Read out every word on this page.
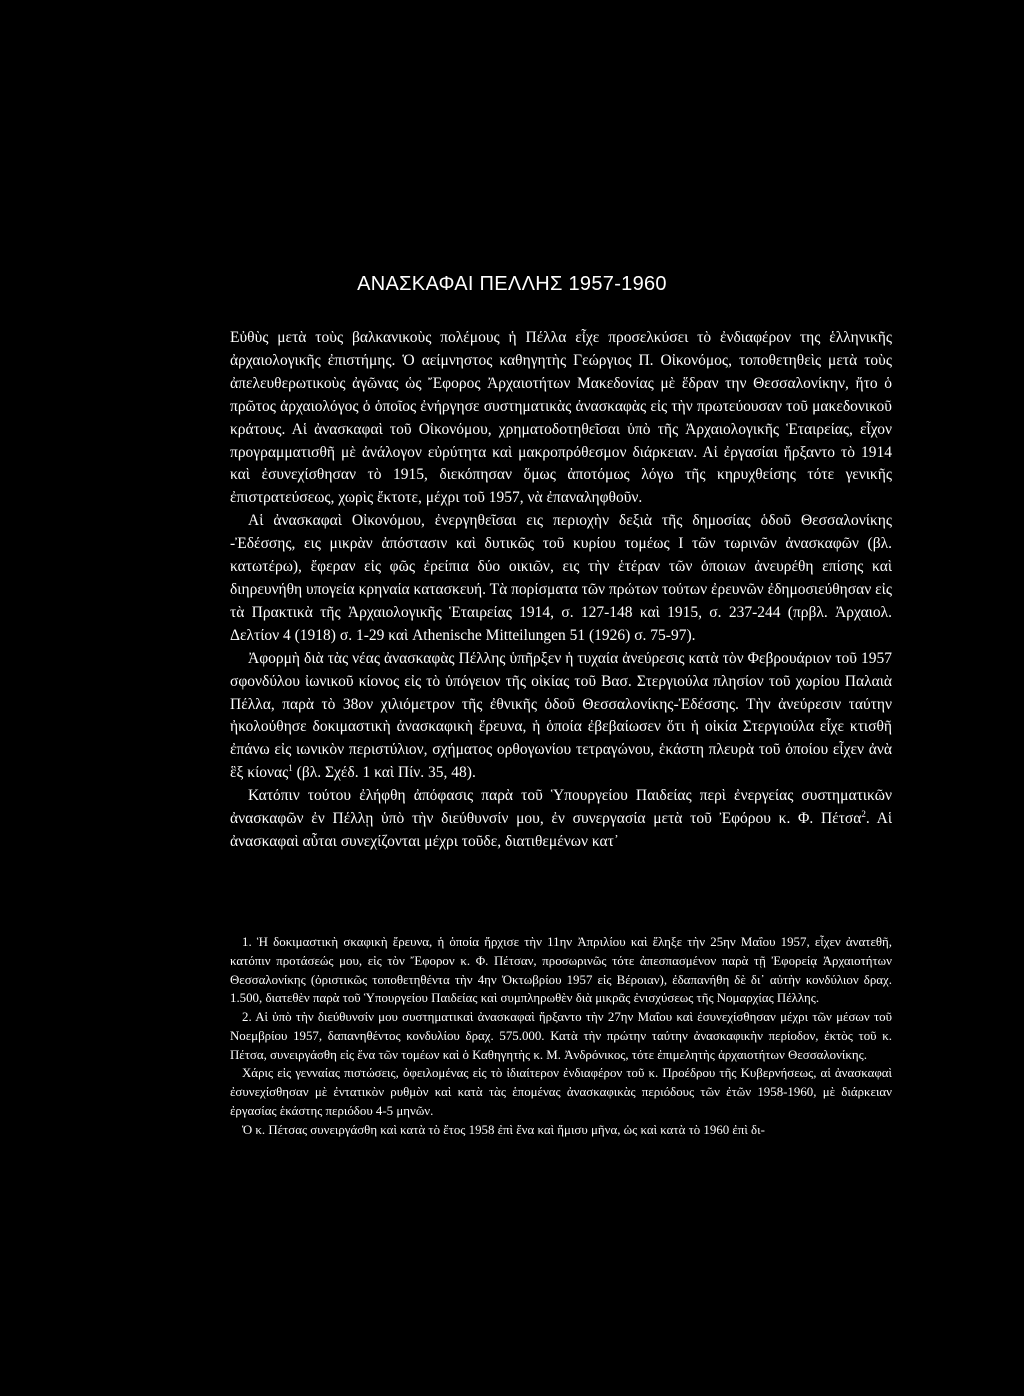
ΑΝΑΣΚΑΦΑΙ ΠΕΛΛΗΣ 1957-1960

Εὐθὺς μετὰ τοὺς βαλκανικοὺς πολέμους ἡ Πέλλα εἶχε προσελκύσει τὸ ἐνδιαφέρον της ἑλληνικῆς ἀρχαιολογικῆς ἐπιστήμης. Ὁ αείμνηστος καθηγητὴς Γεώργιος Π. Οἰκονόμος, τοποθετηθεὶς μετὰ τοὺς ἀπελευθερωτικοὺς ἀγῶνας ὡς Ἔφορος Ἀρχαιοτήτων Μακεδονίας μὲ ἕδραν την Θεσσαλονίκην, ἤτο ὁ πρῶτος ἀρχαιολόγος ὁ ὁποῖος ἐνήργησε συστηματικὰς ἀνασκαφὰς εἰς τὴν πρωτεύουσαν τοῦ μακεδονικοῦ κράτους. Αἱ ἀνασκαφαὶ τοῦ Οἰκονόμου, χρηματοδοτηθεῖσαι ὑπὸ τῆς Ἀρχαιολογικῆς Ἑταιρείας, εἶχον προγραμματισθῆ μὲ ἀνάλογον εὐρύτητα καὶ μακροπρόθεσμον διάρκειαν. Αἱ ἐργασίαι ἤρξαντο τὸ 1914 καὶ ἐσυνεχίσθησαν τὸ 1915, διεκόπησαν ὅμως ἀποτόμως λόγω τῆς κηρυχθείσης τότε γενικῆς ἐπιστρατεύσεως, χωρὶς ἔκτοτε, μέχρι τοῦ 1957, νὰ ἐπαναληφθοῦν.

Αἱ ἀνασκαφαὶ Οἰκονόμου, ἐνεργηθεῖσαι εις περιοχὴν δεξιὰ τῆς δημοσίας ὁδοῦ Θεσσαλονίκης -Ἐδέσσης, εις μικρὰν ἀπόστασιν καὶ δυτικῶς τοῦ κυρίου τομέως Ι τῶν τωρινῶν ἀνασκαφῶν (βλ. κατωτέρω), ἔφεραν εἰς φῶς ἐρείπια δύο οικιῶν, εις τὴν ἑτέραν τῶν ὁποιων ἀνευρέθη επίσης καὶ διηρευνήθη υπογεία κρηναία κατασκευή. Τὰ πορίσματα τῶν πρώτων τούτων ἐρευνῶν ἐδημοσιεύθησαν εἰς τὰ Πρακτικὰ τῆς Ἀρχαιολογικῆς Ἑταιρείας 1914, σ. 127-148 καὶ 1915, σ. 237-244 (πρβλ. Ἀρχαιολ. Δελτίον 4 (1918) σ. 1-29 καὶ Athenische Mitteilungen 51 (1926) σ. 75-97).

Ἀφορμὴ διὰ τὰς νέας ἀνασκαφὰς Πέλλης ὑπῆρξεν ἡ τυχαία ἀνεύρεσις κατὰ τὸν Φεβρουάριον τοῦ 1957 σφονδύλου ἰωνικοῦ κίονος εἰς τὸ ὑπόγειον τῆς οἰκίας τοῦ Βασ. Στεργιούλα πλησίον τοῦ χωρίου Παλαιὰ Πέλλα, παρὰ τὸ 38ον χιλιόμετρον τῆς ἐθνικῆς ὁδοῦ Θεσσαλονίκης-Ἐδέσσης. Τὴν ἀνεύρεσιν ταύτην ἠκολούθησε δοκιμαστικὴ ἀνασκαφικὴ ἔρευνα, ἡ ὁποία ἐβεβαίωσεν ὅτι ἡ οἰκία Στεργιούλα εἶχε κτισθῆ ἐπάνω εἰς ιωνικὸν περιστύλιον, σχήματος ορθογωνίου τετραγώνου, ἑκάστη πλευρὰ τοῦ ὁποίου εἶχεν ἀνὰ ἓξ κίονας$^1$ (βλ. Σχέδ. 1 καὶ Πίν. 35, 48).

Κατόπιν τούτου ἐλήφθη ἀπόφασις παρὰ τοῦ Ὑπουργείου Παιδείας περὶ ἐνεργείας συστηματικῶν ἀνασκαφῶν ἐν Πέλλῃ ὑπὸ τὴν διεύθυνσίν μου, ἐν συνεργασία μετὰ τοῦ Ἐφόρου κ. Φ. Πέτσα$^2$. Αἱ ἀνασκαφαὶ αὗται συνεχίζονται μέχρι τοῦδε, διατιθεμένων κατ᾽

1. Ἡ δοκιμαστικὴ σκαφικὴ ἔρευνα, ἡ ὁποία ἤρχισε τὴν 11ην Ἀπριλίου καὶ ἔληξε τὴν 25ην Μαΐου 1957, εἶχεν ἀνατεθῆ, κατόπιν προτάσεώς μου, εἰς τὸν Ἔφορον κ. Φ. Πέτσαν, προσωρινῶς τότε ἀπεσπασμένον παρὰ τῇ Ἐφορείᾳ Ἀρχαιοτήτων Θεσσαλονίκης (ὀριστικῶς τοποθετηθέντα τὴν 4ην Ὀκτωβρίου 1957 εἰς Βέροιαν), ἐδαπανήθη δὲ δι᾽ αὐτὴν κονδύλιον δραχ. 1.500, διατεθὲν παρὰ τοῦ Ὑπουργείου Παιδείας καὶ συμπληρωθὲν διὰ μικρᾶς ἐνισχύσεως τῆς Νομαρχίας Πέλλης.

2. Αἱ ὑπὸ τὴν διεύθυνσίν μου συστηματικαὶ ἀνασκαφαὶ ἤρξαντο τὴν 27ην Μαΐου καὶ ἐσυνεχίσθησαν μέχρι τῶν μέσων τοῦ Νοεμβρίου 1957, δαπανηθέντος κονδυλίου δραχ. 575.000. Κατὰ τὴν πρώτην ταύτην ἀνασκαφικὴν περίοδον, ἐκτὸς τοῦ κ. Πέτσα, συνειργάσθη εἰς ἕνα τῶν τομέων καὶ ὁ Καθηγητὴς κ. Μ. Ἀνδρόνικος, τότε ἐπιμελητὴς ἀρχαιοτήτων Θεσσαλονίκης.

Χάρις εἰς γενναίας πιστώσεις, ὀφειλομένας εἰς τὸ ἰδιαίτερον ἐνδιαφέρον τοῦ κ. Προέδρου τῆς Κυβερνήσεως, αἱ ἀνασκαφαὶ ἐσυνεχίσθησαν μὲ ἐντατικὸν ρυθμὸν καὶ κατὰ τὰς ἑπομένας ἀνασκαφικὰς περιόδους τῶν ἐτῶν 1958-1960, μὲ διάρκειαν ἐργασίας ἑκάστης περιόδου 4-5 μηνῶν.

Ὁ κ. Πέτσας συνειργάσθη καὶ κατὰ τὸ ἔτος 1958 ἐπὶ ἕνα καὶ ἥμισυ μῆνα, ὡς καὶ κατὰ τὸ 1960 ἐπὶ δι-
